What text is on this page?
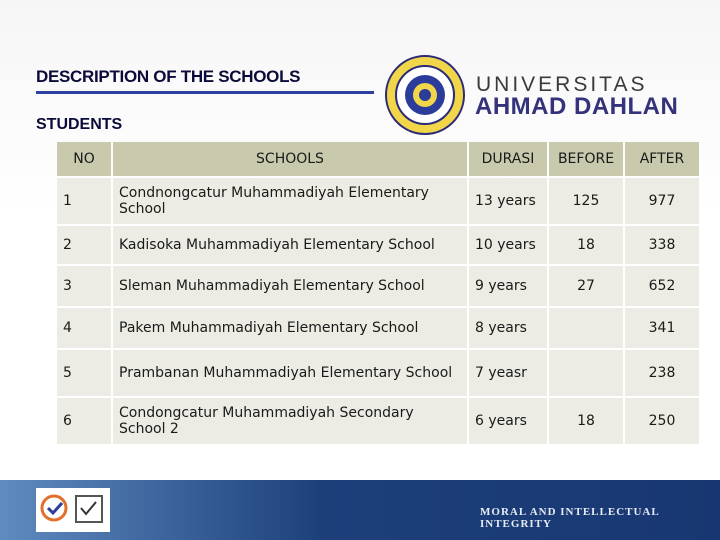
DESCRIPTION OF THE SCHOOLS
STUDENTS
UNIVERSITAS
AHMAD DAHLAN
NO	SCHOOLS	DURASI	BEFORE	AFTER
1	Condnongcatur Muhammadiyah Elementary School	13 years	125	977
2	Kadisoka Muhammadiyah Elementary School	10 years	18	338
3	Sleman Muhammadiyah Elementary School	9 years	27	652
4	Pakem Muhammadiyah Elementary School	8 years		341
5	Prambanan Muhammadiyah Elementary School	7 yeasr		238
6	Condongcatur Muhammadiyah Secondary School 2	6 years	18	250
MORAL AND INTELLECTUAL INTEGRITY
